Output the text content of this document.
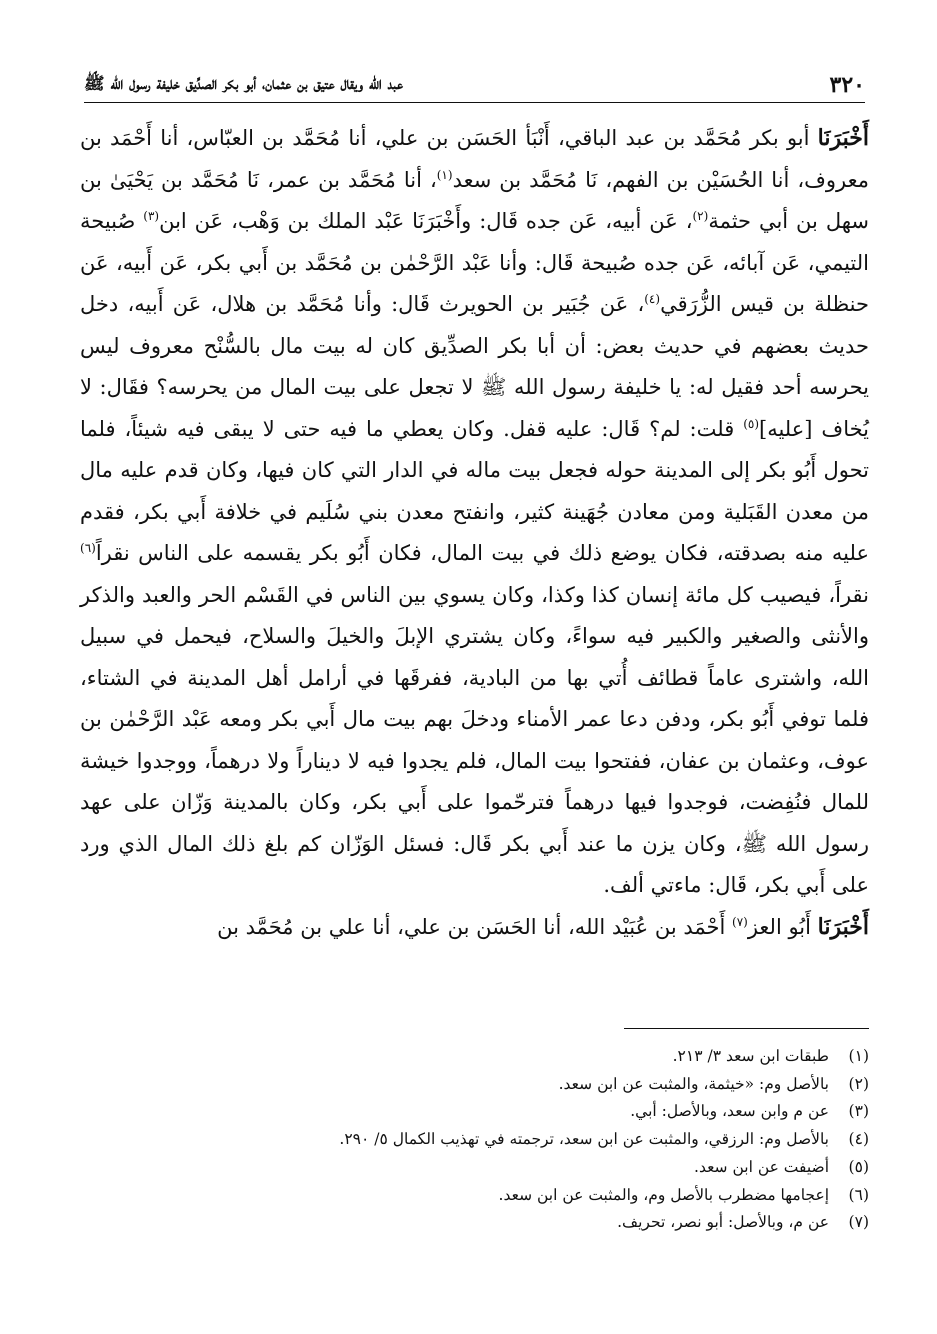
٣٢٠
عبد الله ويقال عتيق بن عثمان، أبو بكر الصدِّيق خليفة رسول الله ﷺ

أَخْبَرَنَا أبو بكر مُحَمَّد بن عبد الباقي، أَنْبَأ الحَسَن بن علي، أنا مُحَمَّد بن العبّاس، أنا أَحْمَد بن معروف، أنا الحُسَيْن بن الفهم، نَا مُحَمَّد بن سعد$^{(١)}$، أنا مُحَمَّد بن عمر، نَا مُحَمَّد بن يَحْيَىٰ بن سهل بن أبي حثمة$^{(٢)}$، عَن أبيه، عَن جده قَال: وأَخْبَرَنَا عَبْد الملك بن وَهْب، عَن ابن$^{(٣)}$ صُبيحة التيمي، عَن آبائه، عَن جده صُبيحة قَال: وأنا عَبْد الرَّحْمٰن بن مُحَمَّد بن أَبي بكر، عَن أَبيه، عَن حنظلة بن قيس الزُّرَقي$^{(٤)}$، عَن جُبَير بن الحويرث قَال: وأنا مُحَمَّد بن هلال، عَن أَبيه، دخل حديث بعضهم في حديث بعض: أن أبا بكر الصدِّيق كان له بيت مال بالسُّنْح معروف ليس يحرسه أحد فقيل له: يا خليفة رسول الله ﷺ لا تجعل على بيت المال من يحرسه؟ فقَال: لا يُخاف [عليه]$^{(٥)}$ قلت: لم؟ قَال: عليه قفل. وكان يعطي ما فيه حتى لا يبقى فيه شيئاً، فلما تحول أَبُو بكر إلى المدينة حوله فجعل بيت ماله في الدار التي كان فيها، وكان قدم عليه مال من معدن القَبَلية ومن معادن جُهَينة كثير، وانفتح معدن بني سُلَيم في خلافة أَبي بكر، فقدم عليه منه بصدقته، فكان يوضع ذلك في بيت المال، فكان أَبُو بكر يقسمه على الناس نقراً$^{(٦)}$ نقراً، فيصيب كل مائة إنسان كذا وكذا، وكان يسوي بين الناس في القَسْم الحر والعبد والذكر والأنثى والصغير والكبير فيه سواءً، وكان يشتري الإبلَ والخيلَ والسلاح، فيحمل في سبيل الله، واشترى عاماً قطائف أُتي بها من البادية، ففرقَها في أرامل أهل المدينة في الشتاء، فلما توفي أَبُو بكر، ودفن دعا عمر الأمناء ودخلَ بهم بيت مال أَبي بكر ومعه عَبْد الرَّحْمٰن بن عوف، وعثمان بن عفان، ففتحوا بيت المال، فلم يجدوا فيه لا ديناراً ولا درهماً، ووجدوا خيشة للمال فنُفِضت، فوجدوا فيها درهماً فترحّموا على أَبي بكر، وكان بالمدينة وَزّان على عهد رسول الله ﷺ، وكان يزن ما عند أَبي بكر قَال: فسئل الوَزّان كم بلغ ذلك المال الذي ورد على أَبي بكر، قَال: ماءتي ألف.

أَخْبَرَنَا أَبُو العز$^{(٧)}$ أَحْمَد بن عُبَيْد الله، أنا الحَسَن بن علي، أنا علي بن مُحَمَّد بن

(١)
طبقات ابن سعد ٣/ ٢١٣.
(٢)
بالأصل وم: «خيثمة، والمثبت عن ابن سعد.
(٣)
عن م وابن سعد، وبالأصل: أبي.
(٤)
بالأصل وم: الرزقي، والمثبت عن ابن سعد، ترجمته في تهذيب الكمال ٥/ ٢٩٠.
(٥)
أضيفت عن ابن سعد.
(٦)
إعجامها مضطرب بالأصل وم، والمثبت عن ابن سعد.
(٧)
عن م، وبالأصل: أبو نصر، تحريف.
